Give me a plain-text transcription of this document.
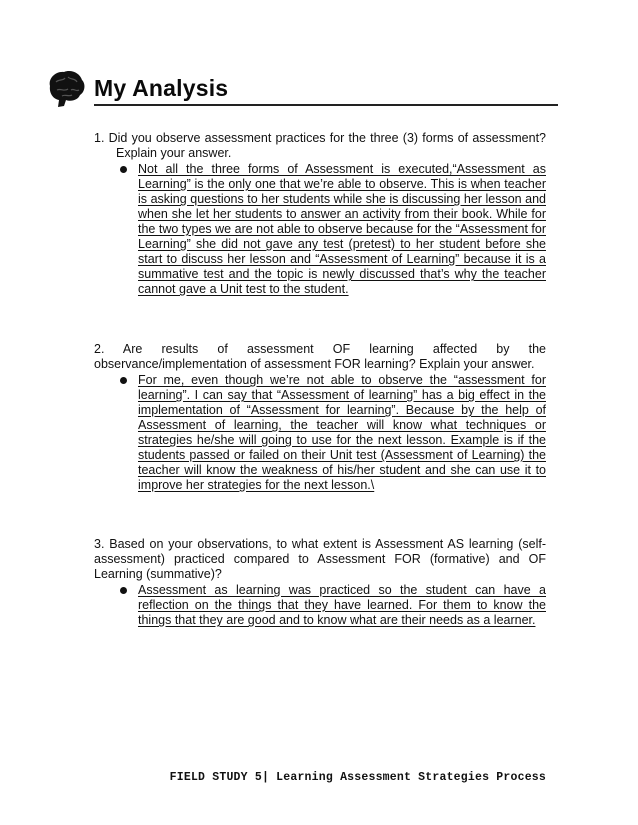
My Analysis
1. Did you observe assessment practices for the three (3) forms of assessment? Explain your answer.
Not all the three forms of Assessment is executed,“Assessment as Learning” is the only one that we’re able to observe. This is when teacher is asking questions to her students while she is discussing her lesson and when she let her students to answer an activity from their book. While for the two types we are not able to observe because for the “Assessment for Learning” she did not gave any test (pretest) to her student before she start to discuss her lesson and “Assessment of Learning” because it is a summative test and the topic is newly discussed that’s why the teacher cannot gave a Unit test to the student.
2. Are results of assessment OF learning affected by the observance/implementation of assessment FOR learning? Explain your answer.
For me, even though we’re not able to observe the “assessment for learning”. I can say that “Assessment of learning” has a big effect in the implementation of “Assessment for learning”. Because by the help of Assessment of learning, the teacher will know what techniques or strategies he/she will going to use for the next lesson. Example is if the students passed or failed on their Unit test (Assessment of Learning) the teacher will know the weakness of his/her student and she can use it to improve her strategies for the next lesson.\
3. Based on your observations, to what extent is Assessment AS learning (self-assessment) practiced compared to Assessment FOR (formative) and OF Learning (summative)?
Assessment as learning was practiced so the student can have a reflection on the things that they have learned. For them to know the things that they are good and to know what are their needs as a learner.
FIELD STUDY 5| Learning Assessment Strategies Process
